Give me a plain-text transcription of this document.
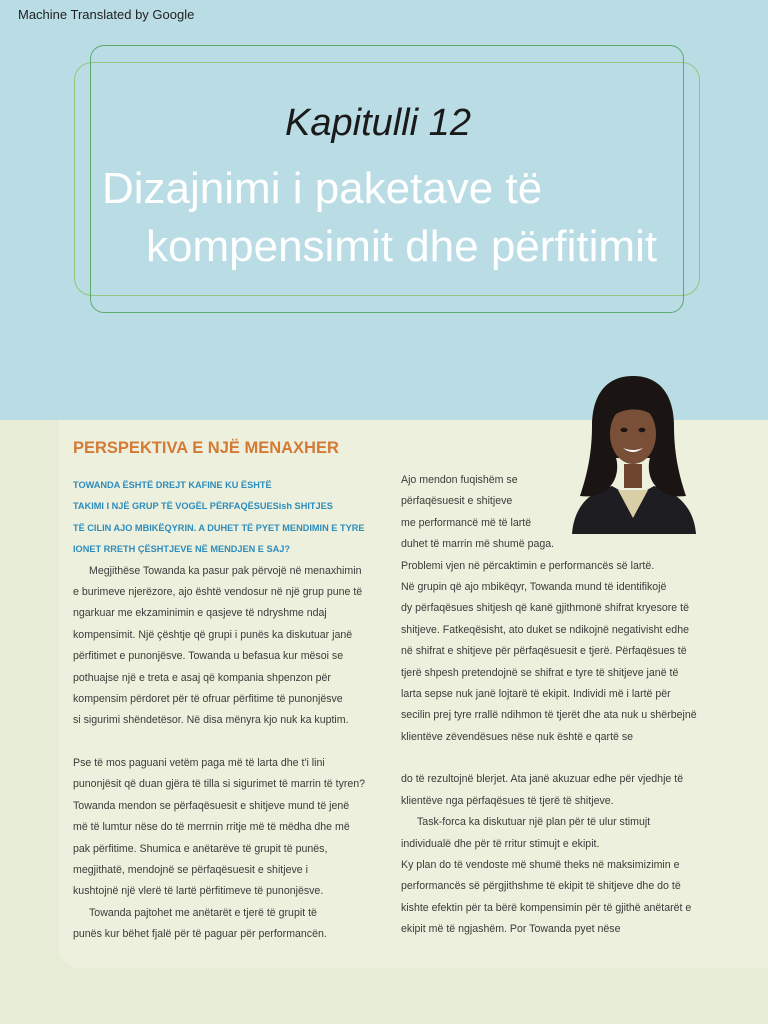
Machine Translated by Google
Kapitulli 12
Dizajnimi i paketave të
kompensimit dhe përfitimit
PERSPEKTIVA E NJË MENAXHER
TOWANDA ËSHTË DREJT KAFINE KU ËSHTË
TAKIMI I NJË GRUP TË VOGËL PËRFAQËSUESish SHITJES
TË CILIN AJO MBIKËQYRIN. A DUHET TË PYET MENDIMIN E TYRE
IONET RRETH ÇËSHTJEVE NË MENDJEN E SAJ?
Megjithëse Towanda ka pasur pak përvojë në menaxhimin
e burimeve njerëzore, ajo është vendosur në një grup pune të
ngarkuar me ekzaminimin e qasjeve të ndryshme ndaj
kompensimit. Një çështje që grupi i punës ka diskutuar janë
përfitimet e punonjësve. Towanda u befasua kur mësoi se
pothuajse një e treta e asaj që kompania shpenzon për
kompensim përdoret për të ofruar përfitime të punonjësve
si sigurimi shëndetësor. Në disa mënyra kjo nuk ka kuptim.
Pse të mos paguani vetëm paga më të larta dhe t'i lini
punonjësit që duan gjëra të tilla si sigurimet të marrin të tyren?
Towanda mendon se përfaqësuesit e shitjeve mund të jenë
më të lumtur nëse do të merrnin rritje më të mëdha dhe më
pak përfitime. Shumica e anëtarëve të grupit të punës,
megjithatë, mendojnë se përfaqësuesit e shitjeve i
kushtojnë një vlerë të lartë përfitimeve të punonjësve.
Towanda pajtohet me anëtarët e tjerë të grupit të
punës kur bëhet fjalë për të paguar për performancën.
Ajo mendon fuqishëm se
përfaqësuesit e shitjeve
me performancë më të lartë
duhet të marrin më shumë paga.
Problemi vjen në përcaktimin e performancës së lartë.
Në grupin që ajo mbikëqyr, Towanda mund të identifikojë
dy përfaqësues shitjesh që kanë gjithmonë shifrat kryesore të
shitjeve. Fatkeqësisht, ato duket se ndikojnë negativisht edhe
në shifrat e shitjeve për përfaqësuesit e tjerë. Përfaqësues të
tjerë shpesh pretendojnë se shifrat e tyre të shitjeve janë të
larta sepse nuk janë lojtarë të ekipit. Individi më i lartë për
secilin prej tyre rrallë ndihmon të tjerët dhe ata nuk u shërbejnë
klientëve zëvendësues nëse nuk është e qartë se
do të rezultojnë blerjet. Ata janë akuzuar edhe për vjedhje të
klientëve nga përfaqësues të tjerë të shitjeve.
Task-forca ka diskutuar një plan për të ulur stimujt
individualë dhe për të rritur stimujt e ekipit.
Ky plan do të vendoste më shumë theks në maksimizimin e
performancës së përgjithshme të ekipit të shitjeve dhe do të
kishte efektin për ta bërë kompensimin për të gjithë anëtarët e
ekipit më të ngjashëm. Por Towanda pyet nëse
